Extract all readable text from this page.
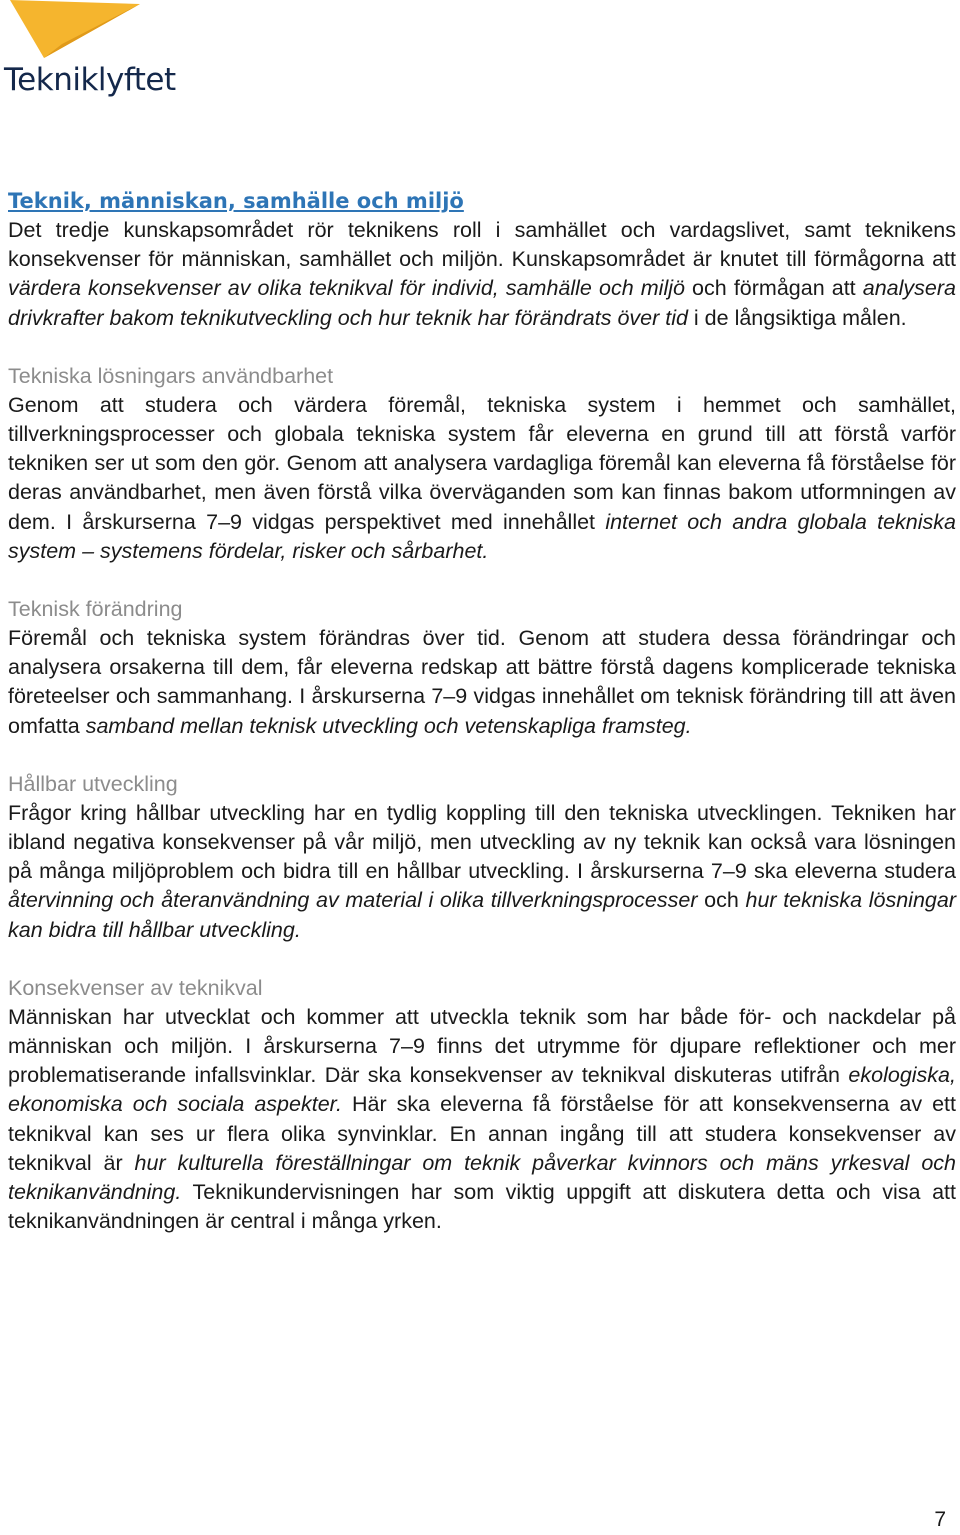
Tekniklyftet
Teknik, människan, samhälle och miljö

Det tredje kunskapsområdet rör teknikens roll i samhället och vardagslivet, samt teknikens konsekvenser för människan, samhället och miljön. Kunskapsområdet är knutet till förmågorna att värdera konsekvenser av olika teknikval för individ, samhälle och miljö och förmågan att analysera drivkrafter bakom teknikutveckling och hur teknik har förändrats över tid i de långsiktiga målen.

Tekniska lösningars användbarhet

Genom att studera och värdera föremål, tekniska system i hemmet och samhället, tillverkningsprocesser och globala tekniska system får eleverna en grund till att förstå varför tekniken ser ut som den gör. Genom att analysera vardagliga föremål kan eleverna få förståelse för deras användbarhet, men även förstå vilka överväganden som kan finnas bakom utformningen av dem. I årskurserna 7–9 vidgas perspektivet med innehållet internet och andra globala tekniska system – systemens fördelar, risker och sårbarhet.

Teknisk förändring

Föremål och tekniska system förändras över tid. Genom att studera dessa förändringar och analysera orsakerna till dem, får eleverna redskap att bättre förstå dagens komplicerade tekniska företeelser och sammanhang. I årskurserna 7–9 vidgas innehållet om teknisk förändring till att även omfatta samband mellan teknisk utveckling och vetenskapliga framsteg.

Hållbar utveckling

Frågor kring hållbar utveckling har en tydlig koppling till den tekniska utvecklingen. Tekniken har ibland negativa konsekvenser på vår miljö, men utveckling av ny teknik kan också vara lösningen på många miljöproblem och bidra till en hållbar utveckling. I årskurserna 7–9 ska eleverna studera återvinning och återanvändning av material i olika tillverkningsprocesser och hur tekniska lösningar kan bidra till hållbar utveckling.

Konsekvenser av teknikval

Människan har utvecklat och kommer att utveckla teknik som har både för- och nackdelar på människan och miljön. I årskurserna 7–9 finns det utrymme för djupare reflektioner och mer problematiserande infallsvinklar. Där ska konsekvenser av teknikval diskuteras utifrån ekologiska, ekonomiska och sociala aspekter. Här ska eleverna få förståelse för att konsekvenserna av ett teknikval kan ses ur flera olika synvinklar. En annan ingång till att studera konsekvenser av teknikval är hur kulturella föreställningar om teknik påverkar kvinnors och mäns yrkesval och teknikanvändning. Teknikundervisningen har som viktig uppgift att diskutera detta och visa att teknikanvändningen är central i många yrken.

7
